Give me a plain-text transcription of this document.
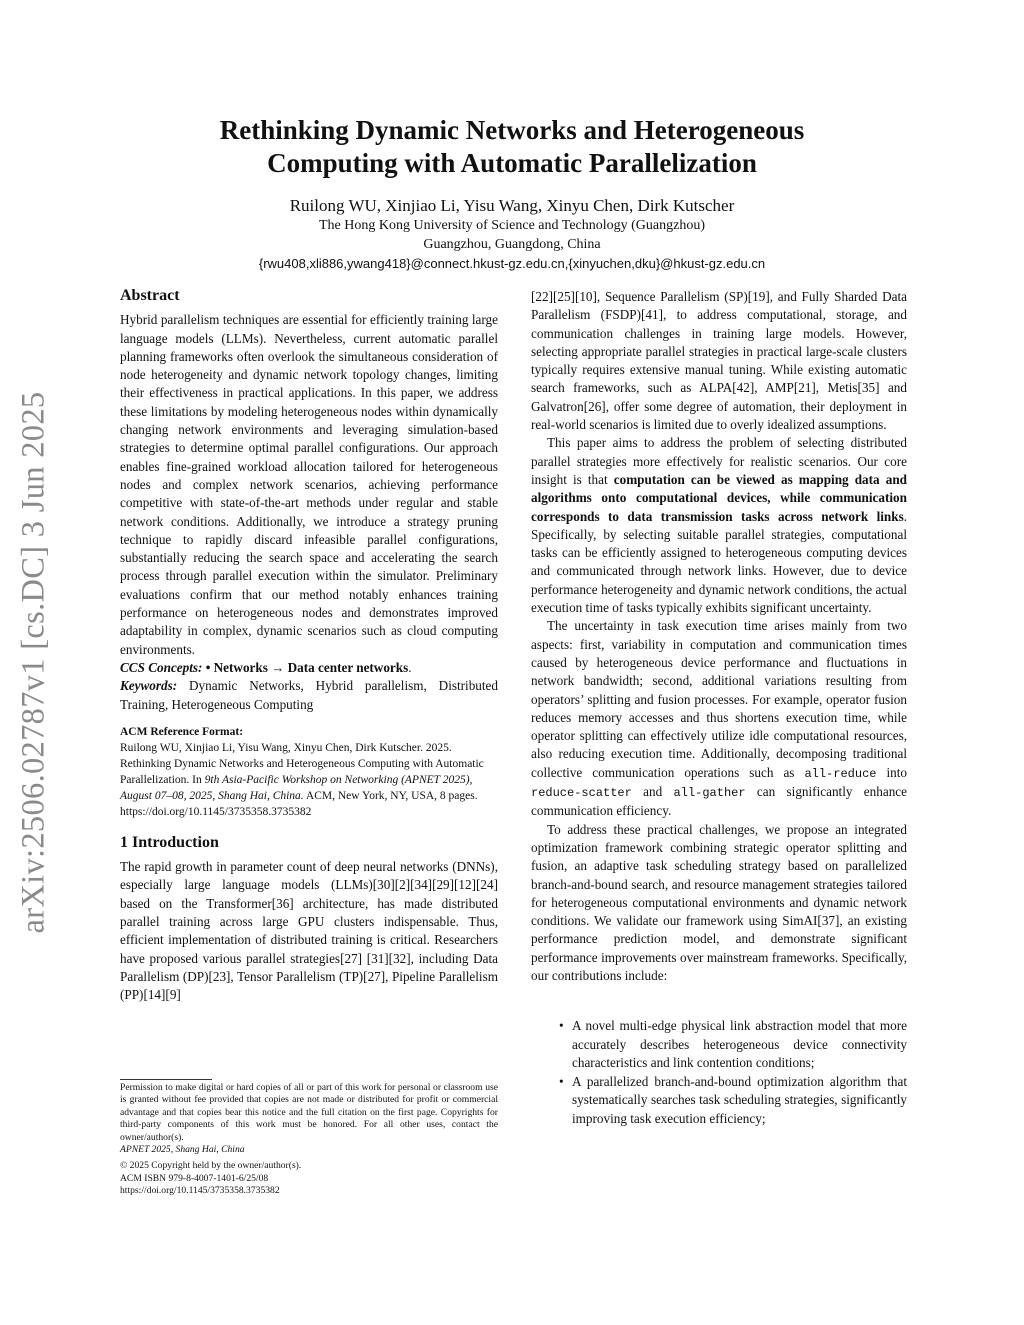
arXiv:2506.02787v1 [cs.DC] 3 Jun 2025
Rethinking Dynamic Networks and Heterogeneous
Computing with Automatic Parallelization
Ruilong WU, Xinjiao Li, Yisu Wang, Xinyu Chen, Dirk Kutscher
The Hong Kong University of Science and Technology (Guangzhou)
Guangzhou, Guangdong, China
{rwu408,xli886,ywang418}@connect.hkust-gz.edu.cn,{xinyuchen,dku}@hkust-gz.edu.cn
Abstract

Hybrid parallelism techniques are essential for efficiently training large language models (LLMs). Nevertheless, current automatic parallel planning frameworks often overlook the simultaneous consideration of node heterogeneity and dynamic network topology changes, limiting their effectiveness in practical applications. In this paper, we address these limitations by modeling heterogeneous nodes within dynamically changing network environments and leveraging simulation-based strategies to determine optimal parallel configurations. Our approach enables fine-grained workload allocation tailored for heterogeneous nodes and complex network scenarios, achieving performance competitive with state-of-the-art methods under regular and stable network conditions. Additionally, we introduce a strategy pruning technique to rapidly discard infeasible parallel configurations, substantially reducing the search space and accelerating the search process through parallel execution within the simulator. Preliminary evaluations confirm that our method notably enhances training performance on heterogeneous nodes and demonstrates improved adaptability in complex, dynamic scenarios such as cloud computing environments.

CCS Concepts: • Networks → Data center networks.

Keywords: Dynamic Networks, Hybrid parallelism, Distributed Training, Heterogeneous Computing

ACM Reference Format:
Ruilong WU, Xinjiao Li, Yisu Wang, Xinyu Chen, Dirk Kutscher. 2025. Rethinking Dynamic Networks and Heterogeneous Computing with Automatic Parallelization. In 9th Asia-Pacific Workshop on Networking (APNET 2025), August 07–08, 2025, Shang Hai, China. ACM, New York, NY, USA, 8 pages. https://doi.org/10.1145/3735358.3735382
1 Introduction

The rapid growth in parameter count of deep neural networks (DNNs), especially large language models (LLMs)[30][2][34][29][12][24] based on the Transformer[36] architecture, has made distributed parallel training across large GPU clusters indispensable. Thus, efficient implementation of distributed training is critical. Researchers have proposed various parallel strategies[27] [31][32], including Data Parallelism (DP)[23], Tensor Parallelism (TP)[27], Pipeline Parallelism (PP)[14][9]

Permission to make digital or hard copies of all or part of this work for personal or classroom use is granted without fee provided that copies are not made or distributed for profit or commercial advantage and that copies bear this notice and the full citation on the first page. Copyrights for third-party components of this work must be honored. For all other uses, contact the owner/author(s).

APNET 2025, Shang Hai, China

© 2025 Copyright held by the owner/author(s).

ACM ISBN 979-8-4007-1401-6/25/08

https://doi.org/10.1145/3735358.3735382

[22][25][10], Sequence Parallelism (SP)[19], and Fully Sharded Data Parallelism (FSDP)[41], to address computational, storage, and communication challenges in training large models. However, selecting appropriate parallel strategies in practical large-scale clusters typically requires extensive manual tuning. While existing automatic search frameworks, such as ALPA[42], AMP[21], Metis[35] and Galvatron[26], offer some degree of automation, their deployment in real-world scenarios is limited due to overly idealized assumptions.

This paper aims to address the problem of selecting distributed parallel strategies more effectively for realistic scenarios. Our core insight is that computation can be viewed as mapping data and algorithms onto computational devices, while communication corresponds to data transmission tasks across network links. Specifically, by selecting suitable parallel strategies, computational tasks can be efficiently assigned to heterogeneous computing devices and communicated through network links. However, due to device performance heterogeneity and dynamic network conditions, the actual execution time of tasks typically exhibits significant uncertainty.

The uncertainty in task execution time arises mainly from two aspects: first, variability in computation and communication times caused by heterogeneous device performance and fluctuations in network bandwidth; second, additional variations resulting from operators’ splitting and fusion processes. For example, operator fusion reduces memory accesses and thus shortens execution time, while operator splitting can effectively utilize idle computational resources, also reducing execution time. Additionally, decomposing traditional collective communication operations such as all-reduce into reduce-scatter and all-gather can significantly enhance communication efficiency.

To address these practical challenges, we propose an integrated optimization framework combining strategic operator splitting and fusion, an adaptive task scheduling strategy based on parallelized branch-and-bound search, and resource management strategies tailored for heterogeneous computational environments and dynamic network conditions. We validate our framework using SimAI[37], an existing performance prediction model, and demonstrate significant performance improvements over mainstream frameworks. Specifically, our contributions include:

• A novel multi-edge physical link abstraction model that more accurately describes heterogeneous device connectivity characteristics and link contention conditions;
• A parallelized branch-and-bound optimization algorithm that systematically searches task scheduling strategies, significantly improving task execution efficiency;
